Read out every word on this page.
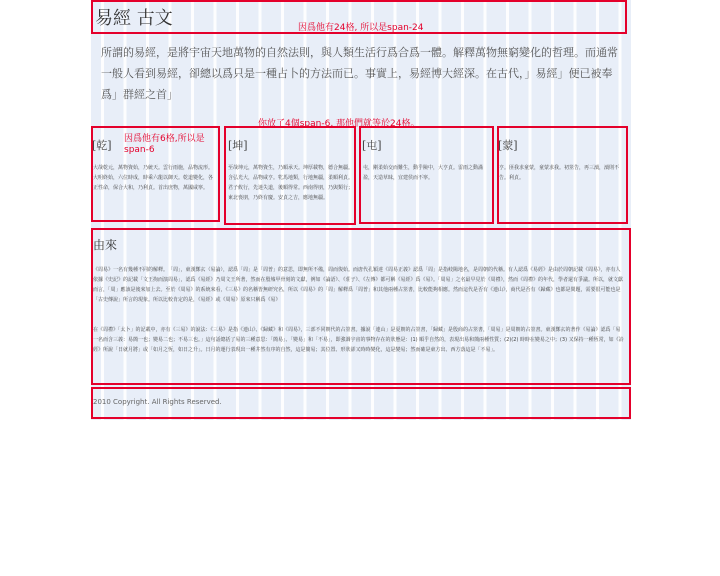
易經 古文	因爲他有24格, 所以是span-24
所謂的易經，是將宇宙天地萬物的自然法則，與人類生活行爲合爲一體。解釋萬物無窮變化的哲理。而通常一般人看到易經，卻總以爲只是一種占卜的方法而已。事實上，易經博大經深。在古代，」易經」便已被奉爲」群經之首」
你放了4個span-6, 那他們就等於24格。
[乾] 因爲他有6格,所以是span-6
大哉乾元，萬物資始，乃統天。雲行雨施，品物流形。大明終始，六位時成，時乘六龍以御天。乾道變化，各正性命，保合大和，乃利貞。首出庶物，萬國咸寧。
[坤]
至哉坤元，萬物資生，乃順承天。坤厚載物，德合無疆。含弘光大，品物咸亨。牝馬地類，行地無疆，柔順利貞。君子攸行，先迷失道，後順得常。西南得朋，乃與類行；東北喪朋，乃終有慶。安貞之吉，應地無疆。
[屯]
屯，剛柔始交而難生，動乎險中，大亨貞。雷雨之動滿盈，天造草昧，宜建侯而不寧。
[蒙]
亨。匪我求童蒙，童蒙求我。初筮告，再三瀆，瀆則不告。利貞。
由來
《周易》一名有幾種不同的解釋。　「周」，東漢鄭玄（易論），認爲「周」是「周普」的意思，即無所不備，周而復始。而唐代孔穎達《周易正義》認爲「周」是指岐陽地名，是周朝的代稱。有人認爲《易經》是由於周朝記載《周易》，亦有人依據《史記》的記載「文王拘而演周易」，認爲《易經》乃周文王所著，然而在殷墟甲骨刻的文獻，例如《論語》、《莊子》、《左傳》都可稱《易經》爲《易》。「周易」之名最早見於《周禮》，然而《周禮》的年代，學者還有爭議。所以，就文獻而言，「周」應該是後來加上去。至於《周易》的系統來看，《三易》的名稱皆無研究名，所以《周易》的「周」解釋爲「周普」和其他兩種占筮書，比較能夠相應。然而這代是否有《連山》，商代是否有《歸藏》也都是問題，需要很可能也是「古史傳說」所言的現象。所以比較肯定的是，《易經》或《周易》原來只稱爲《易》
在《周禮》「太卜」的記載中，亦有《三易》的說法：《三易》是指《連山》、《歸藏》和《周易》，三部不同朝代的占筮書。據說「連山」是夏朝的占筮書，「歸藏」是殷商的占筮書，「周易」是周朝的占筮書。東漢鄭玄的著作《易論》認爲「易一名而含三義：易簡一也；變易二也；不易三也。」這句話總括了易的三種意思：「簡易」、「變易」和「不易」，即強調宇宙的事物存在的狀態是：(1) 順乎自然的，表現出易和簡兩種性質；(2)(2) 時時在變易之中；(3) 又保持一種恆常，如《詩經》所說「日就月將」或「如月之恆，如日之升」。日月的運行表現出一種井然有序的自然，這是簡易；其位置、形狀卻又時時變化，這是變易；然而確是東方出、西方落這是「不易」。
2010 Copyright. All Rights Reserved.
